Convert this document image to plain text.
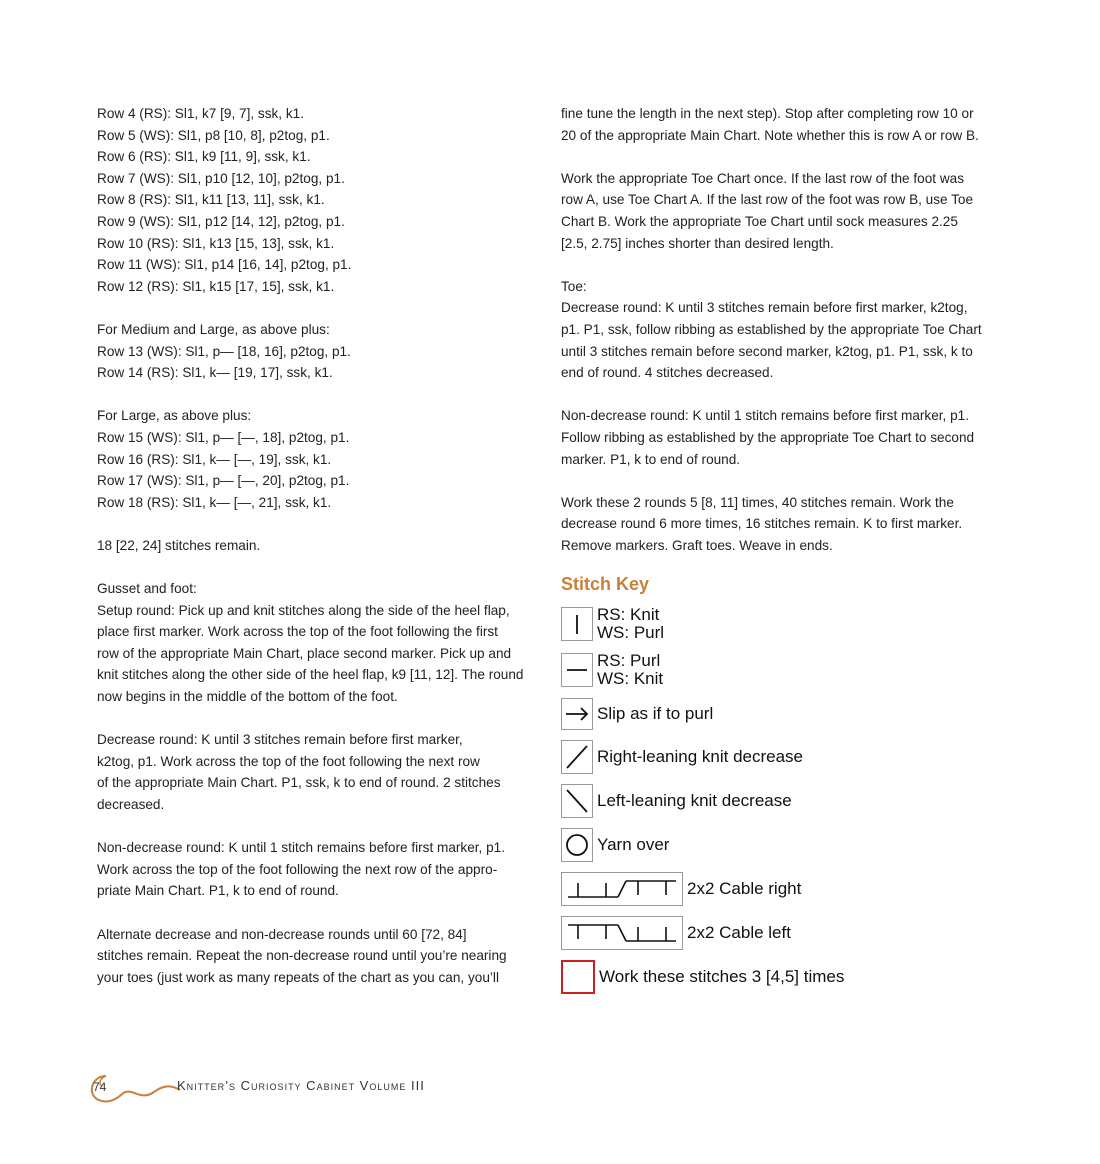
Row 4 (RS): Sl1, k7 [9, 7], ssk, k1.
Row 5 (WS): Sl1, p8 [10, 8], p2tog, p1.
Row 6 (RS): Sl1, k9 [11, 9], ssk, k1.
Row 7 (WS): Sl1, p10 [12, 10], p2tog, p1.
Row 8 (RS): Sl1, k11 [13, 11], ssk, k1.
Row 9 (WS): Sl1, p12 [14, 12], p2tog, p1.
Row 10 (RS): Sl1, k13 [15, 13], ssk, k1.
Row 11 (WS): Sl1, p14 [16, 14], p2tog, p1.
Row 12 (RS): Sl1, k15 [17, 15], ssk, k1.
For Medium and Large, as above plus:
Row 13 (WS): Sl1, p— [18, 16], p2tog, p1.
Row 14 (RS): Sl1, k— [19, 17], ssk, k1.
For Large, as above plus:
Row 15 (WS): Sl1, p— [—, 18], p2tog, p1.
Row 16 (RS): Sl1, k— [—, 19], ssk, k1.
Row 17 (WS): Sl1, p— [—, 20], p2tog, p1.
Row 18 (RS): Sl1, k— [—, 21], ssk, k1.
18 [22, 24] stitches remain.
Gusset and foot:
Setup round: Pick up and knit stitches along the side of the heel flap,
place first marker. Work across the top of the foot following the first
row of the appropriate Main Chart, place second marker. Pick up and
knit stitches along the other side of the heel flap, k9 [11, 12]. The round
now begins in the middle of the bottom of the foot.
Decrease round: K until 3 stitches remain before first marker,
k2tog, p1. Work across the top of the foot following the next row
of the appropriate Main Chart. P1, ssk, k to end of round. 2 stitches
decreased.
Non-decrease round: K until 1 stitch remains before first marker, p1.
Work across the top of the foot following the next row of the appro-
priate Main Chart. P1, k to end of round.
Alternate decrease and non-decrease rounds until 60 [72, 84]
stitches remain. Repeat the non-decrease round until you’re nearing
your toes (just work as many repeats of the chart as you can, you’ll
fine tune the length in the next step). Stop after completing row 10 or
20 of the appropriate Main Chart. Note whether this is row A or row B.
Work the appropriate Toe Chart once. If the last row of the foot was
row A, use Toe Chart A. If the last row of the foot was row B, use Toe
Chart B. Work the appropriate Toe Chart until sock measures 2.25
[2.5, 2.75] inches shorter than desired length.
Toe:
Decrease round: K until 3 stitches remain before first marker, k2tog,
p1. P1, ssk, follow ribbing as established by the appropriate Toe Chart
until 3 stitches remain before second marker, k2tog, p1. P1, ssk, k to
end of round. 4 stitches decreased.
Non-decrease round: K until 1 stitch remains before first marker, p1.
Follow ribbing as established by the appropriate Toe Chart to second
marker. P1, k to end of round.
Work these 2 rounds 5 [8, 11] times, 40 stitches remain. Work the
decrease round 6 more times, 16 stitches remain. K to first marker.
Remove markers. Graft toes. Weave in ends.
Stitch Key
RS: Knit
WS: Purl
RS: Purl
WS: Knit
Slip as if to purl
Right-leaning knit decrease
Left-leaning knit decrease
Yarn over
2x2 Cable right
2x2 Cable left
Work these stitches 3 [4,5] times
74	Knitter’s Curiosity Cabinet Volume III
